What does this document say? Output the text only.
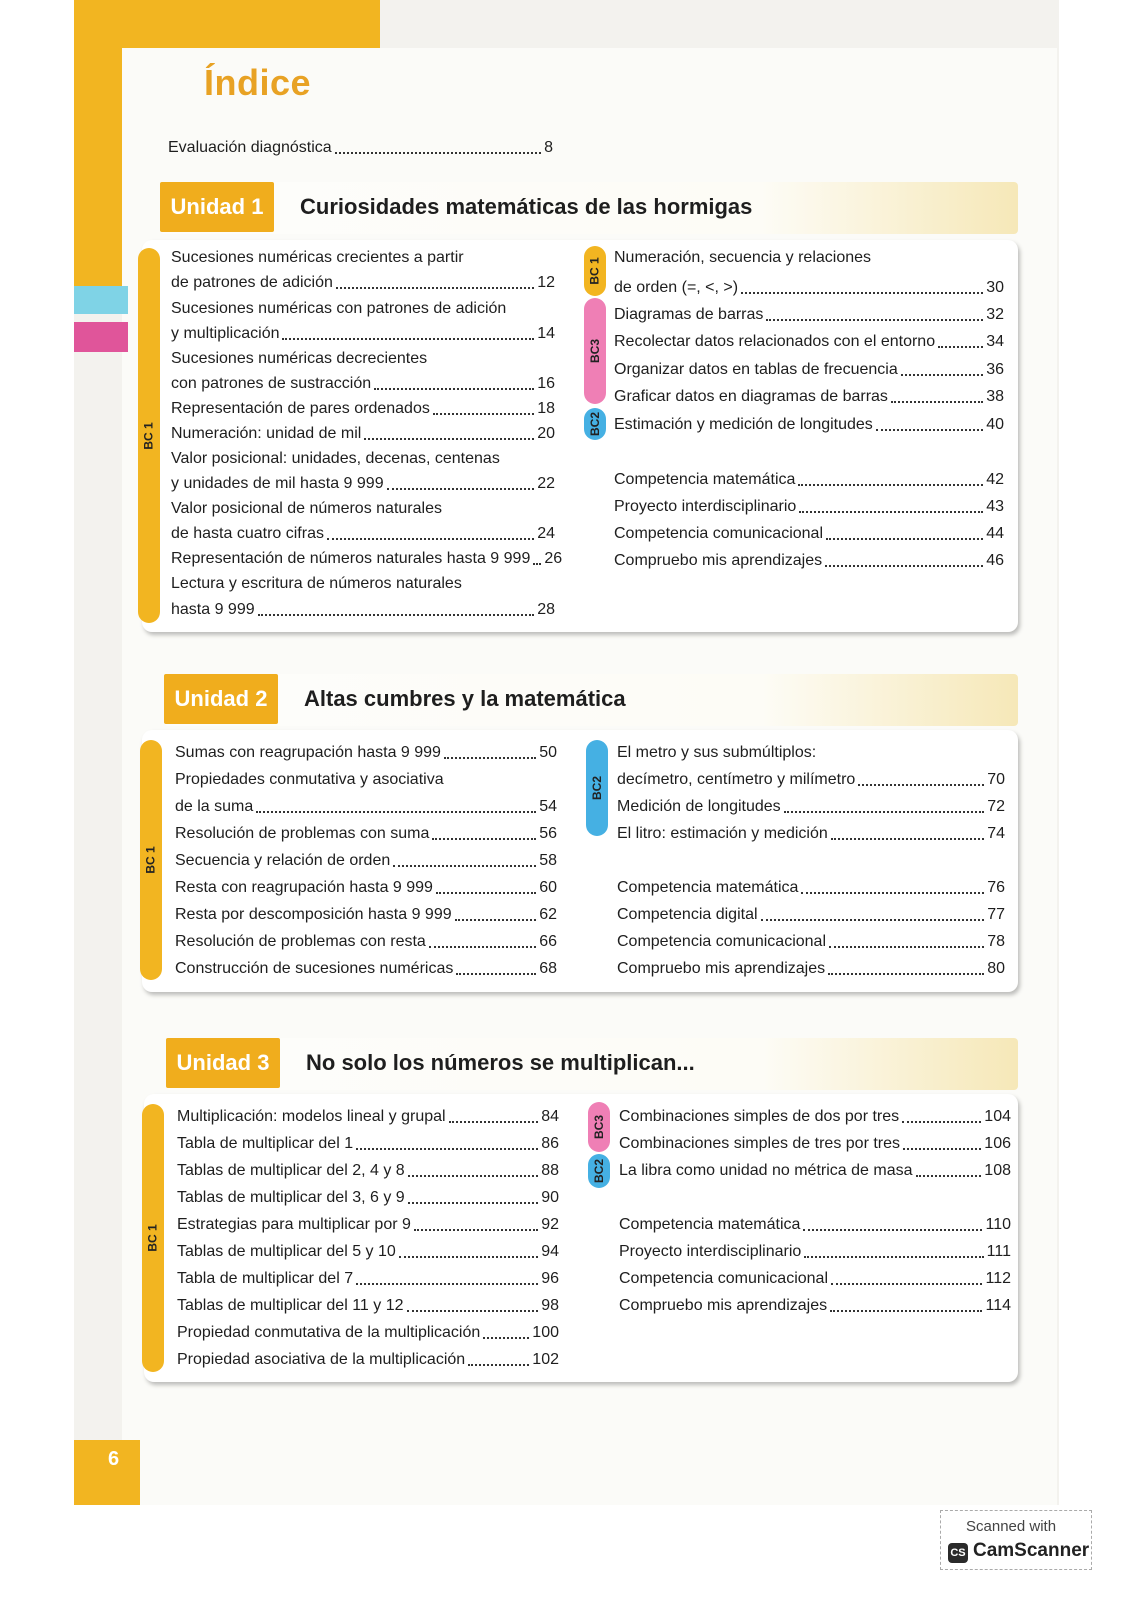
6
Índice
Evaluación diagnóstica	8
Unidad 1	Curiosidades matemáticas de las hormigas
BC 1
BC 1
BC3
BC2
Sucesiones numéricas crecientes a partir
de patrones de adición	12
Sucesiones numéricas con patrones de adición
y multiplicación	14
Sucesiones numéricas decrecientes
con patrones de sustracción	16
Representación de pares ordenados	18
Numeración: unidad de mil	20
Valor posicional: unidades, decenas, centenas
y unidades de mil hasta 9 999	22
Valor posicional de números naturales
de hasta cuatro cifras	24
Representación de números naturales hasta 9 999 26
Lectura y escritura de números naturales
hasta 9 999	28
Numeración, secuencia y relaciones
de orden (=, <, >)	30
Diagramas de barras	32
Recolectar datos relacionados con el entorno	34
Organizar datos en tablas de frecuencia	36
Graficar datos en diagramas de barras	38
Estimación y medición de longitudes	40
Competencia matemática	42
Proyecto interdisciplinario	43
Competencia comunicacional	44
Compruebo mis aprendizajes	46
Unidad 2	Altas cumbres y la matemática
BC 1
BC2
Sumas con reagrupación hasta 9 999	50
Propiedades conmutativa y asociativa
de la suma	54
Resolución de problemas con suma	56
Secuencia y relación de orden	58
Resta con reagrupación hasta 9 999	60
Resta por descomposición hasta 9 999	62
Resolución de problemas con resta	66
Construcción de sucesiones numéricas	68
El metro y sus submúltiplos:
decímetro, centímetro y milímetro	70
Medición de longitudes	72
El litro: estimación y medición	74
Competencia matemática	76
Competencia digital	77
Competencia comunicacional	78
Compruebo mis aprendizajes	80
Unidad 3	No solo los números se multiplican...
BC 1
BC3
BC2
Multiplicación: modelos lineal y grupal	84
Tabla de multiplicar del 1	86
Tablas de multiplicar del 2, 4 y 8	88
Tablas de multiplicar del 3, 6 y 9	90
Estrategias para multiplicar por 9	92
Tablas de multiplicar del 5 y 10	94
Tabla de multiplicar del 7	96
Tablas de multiplicar del 11 y 12	98
Propiedad conmutativa de la multiplicación	100
Propiedad asociativa de la multiplicación	102
Combinaciones simples de dos por tres	104
Combinaciones simples de tres por tres	106
La libra como unidad no métrica de masa	108
Competencia matemática	110
Proyecto interdisciplinario	111
Competencia comunicacional	112
Compruebo mis aprendizajes	114
Scanned with
CS CamScanner
